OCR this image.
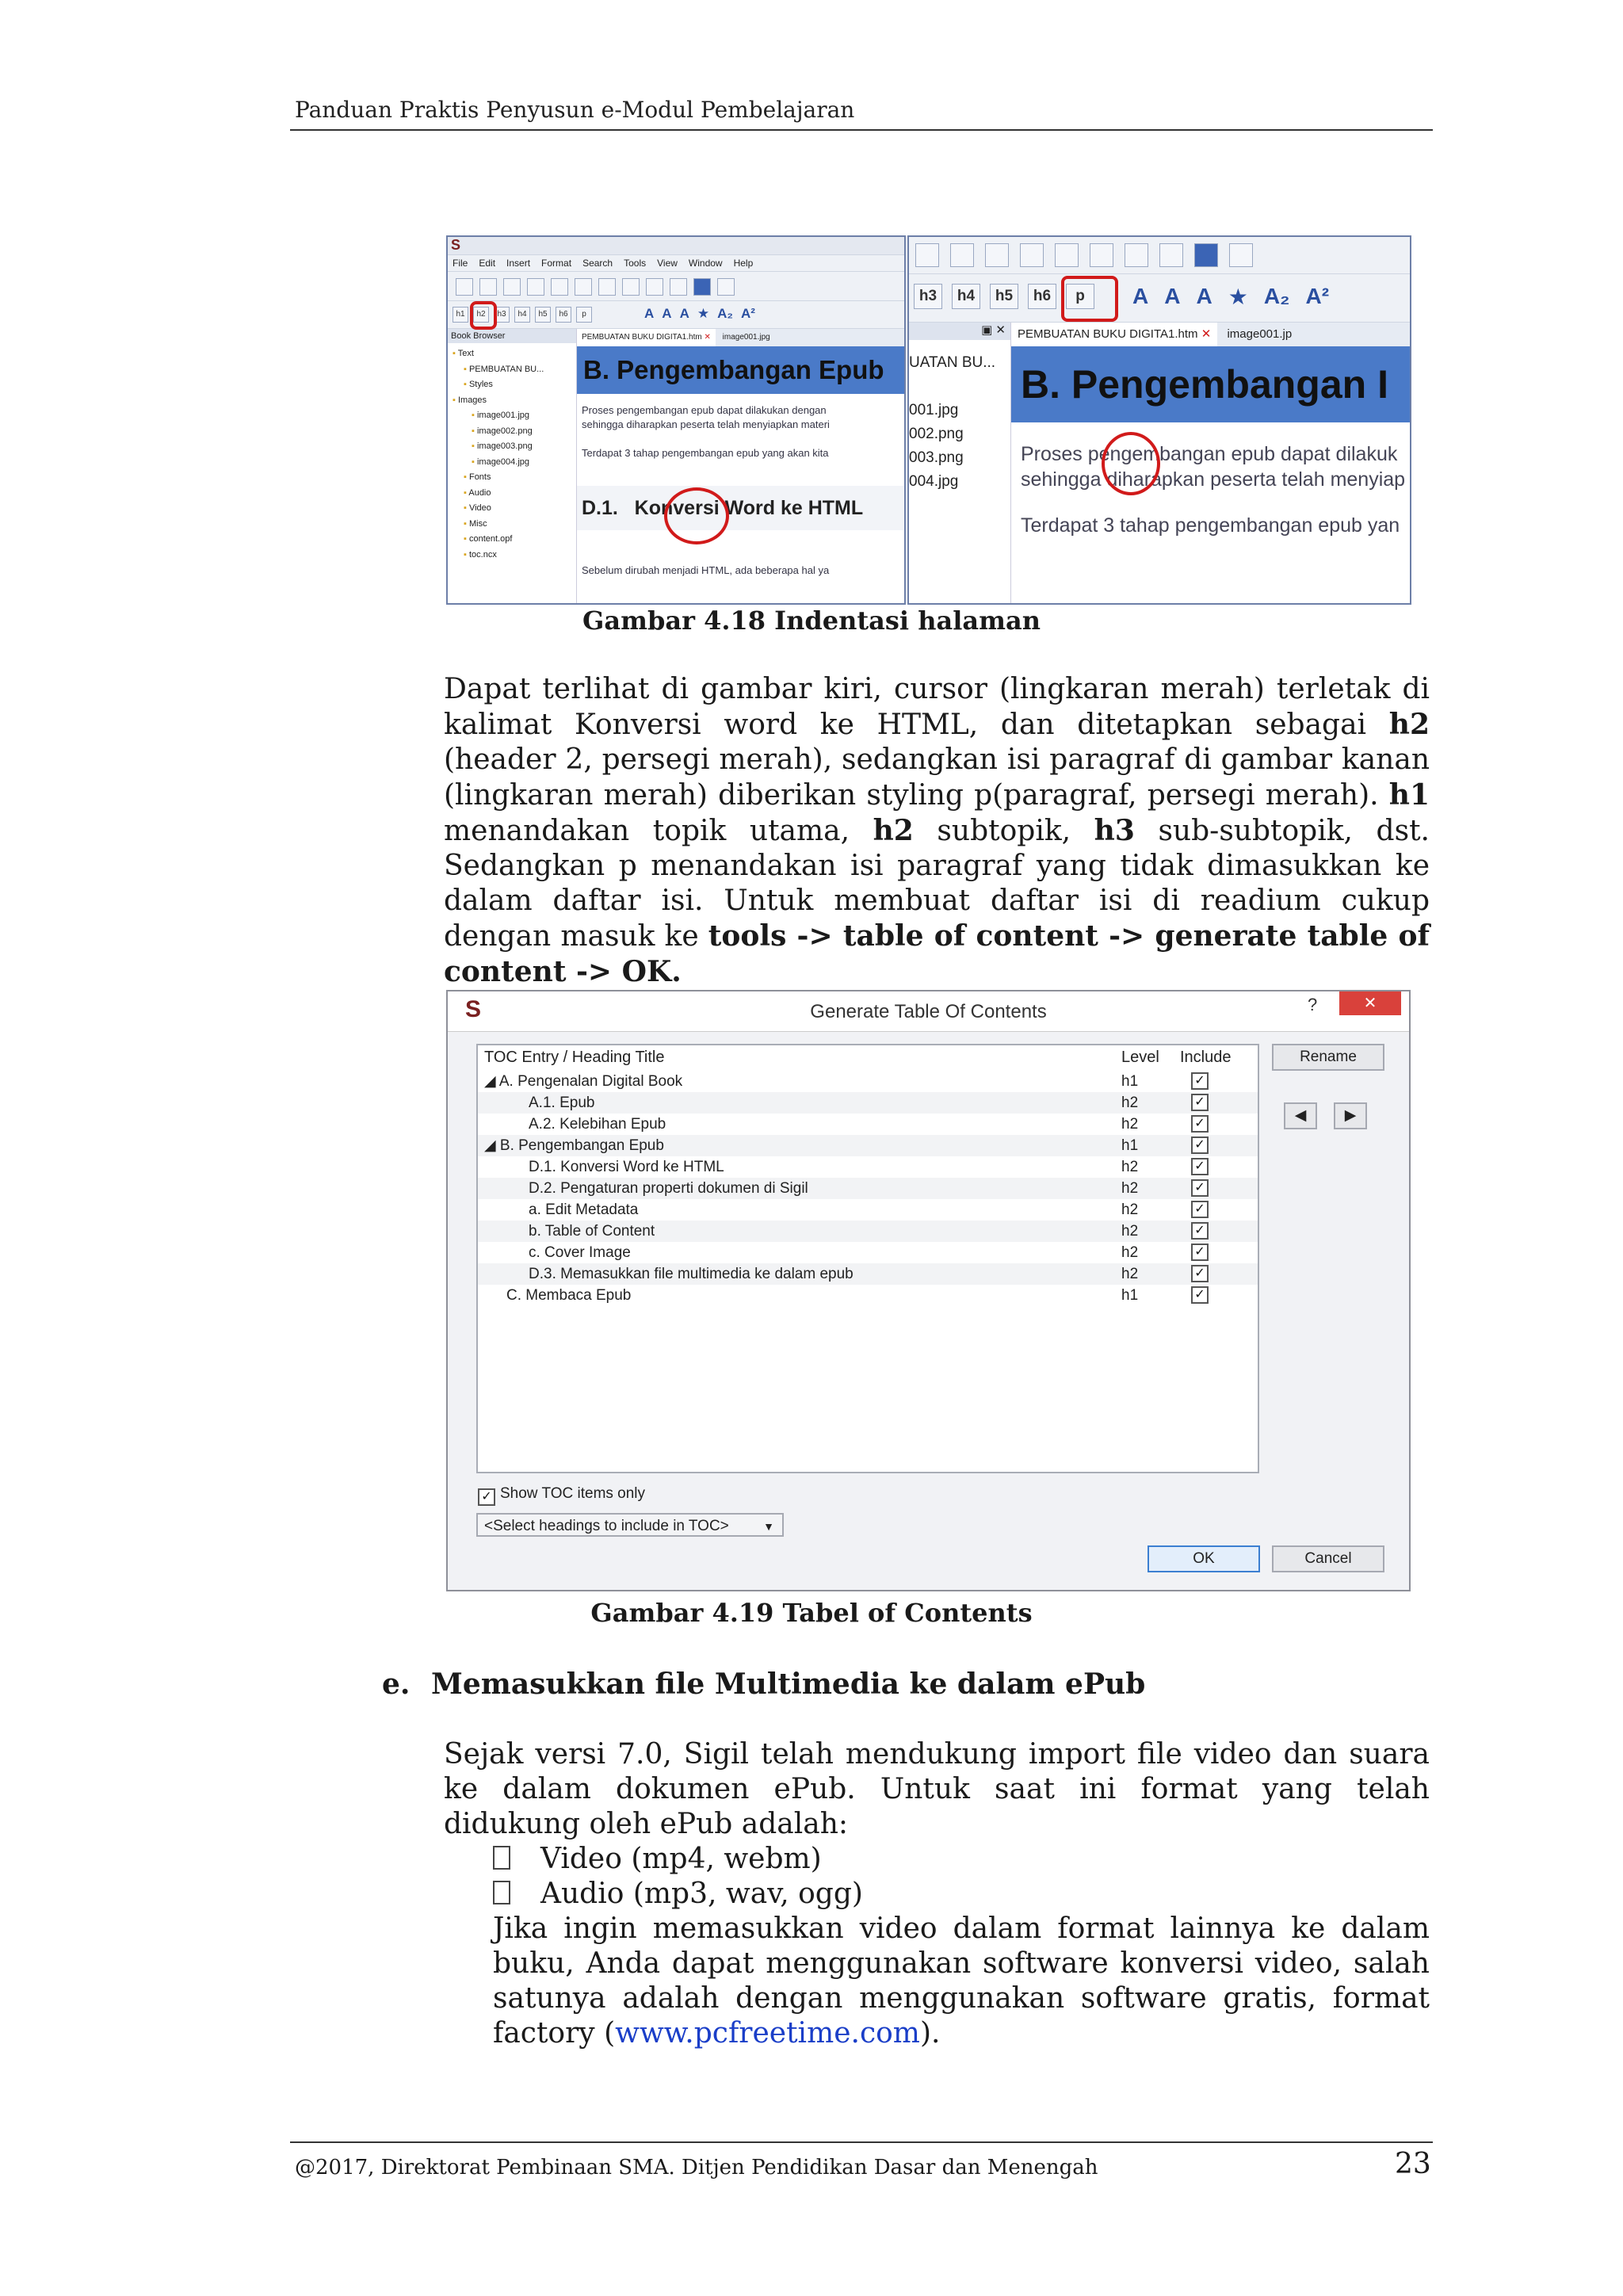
Panduan Praktis Penyusun e-Modul Pembelajaran
S
File Edit Insert Format Search Tools View Window Help
h1	h2	h3	h4	h5	h6	p	A A A ★ A₂ A²
Book Browser
▪ Text
▪ PEMBUATAN BU...
▪ Styles
▪ Images
▪ image001.jpg
▪ image002.png
▪ image003.png
▪ image004.jpg
▪ Fonts
▪ Audio
▪ Video
▪ Misc
▪ content.opf
▪ toc.ncx
PEMBUATAN BUKU DIGITA1.htm ✕ image001.jpg
B. Pengembangan Epub
Proses pengembangan epub dapat dilakukan dengan
sehingga diharapkan peserta telah menyiapkan materi
Terdapat 3 tahap pengembangan epub yang akan kita
D.1.   Konversi Word ke HTML
Sebelum dirubah menjadi HTML, ada beberapa hal ya
h3	h4	h5	h6	p	A A A ★ A₂ A²
▣ ✕
UATAN BU...
001.jpg
002.png
003.png
004.jpg
PEMBUATAN BUKU DIGITA1.htm ✕ image001.jp
B. Pengembangan I
Proses pengembangan epub dapat dilakuk
sehingga diharapkan peserta telah menyiap
Terdapat 3 tahap pengembangan epub yan
Gambar 4.18 Indentasi halaman
Dapat terlihat di gambar kiri, cursor (lingkaran merah) terletak di kalimat Konversi word ke HTML, dan ditetapkan sebagai h2 (header 2, persegi merah), sedangkan isi paragraf di gambar kanan (lingkaran merah) diberikan styling p(paragraf, persegi merah). h1 menandakan topik utama, h2 subtopik, h3 sub-subtopik, dst. Sedangkan p menandakan isi paragraf yang tidak dimasukkan ke dalam daftar isi. Untuk membuat daftar isi di readium cukup dengan masuk ke tools -> table of content -> generate table of content -> OK.
S	Generate Table Of Contents	?	✕
TOC Entry / Heading Title	Level Include
◢ A. Pengenalan Digital Book	h1	✓
A.1. Epub	h2	✓
A.2. Kelebihan Epub	h2	✓
◢ B. Pengembangan Epub	h1	✓
D.1. Konversi Word ke HTML	h2	✓
D.2. Pengaturan properti dokumen di Sigil	h2	✓
a. Edit Metadata	h2	✓
b. Table of Content	h2	✓
c. Cover Image	h2	✓
D.3. Memasukkan file multimedia ke dalam epub	h2	✓
C. Membaca Epub	h1	✓
Rename
◀	▶
✓ Show TOC items only
<Select headings to include in TOC>	▼
OK	Cancel
Gambar 4.19 Tabel of Contents
e. Memasukkan file Multimedia ke dalam ePub
Sejak versi 7.0, Sigil telah mendukung import file video dan suara ke dalam dokumen ePub. Untuk saat ini format yang telah didukung oleh ePub adalah:
Video (mp4, webm)
Audio (mp3, wav, ogg)
Jika ingin memasukkan video dalam format lainnya ke dalam buku, Anda dapat menggunakan software konversi video, salah satunya adalah dengan menggunakan software gratis, format factory (www.pcfreetime.com).
@2017, Direktorat Pembinaan SMA. Ditjen Pendidikan Dasar dan Menengah	23
